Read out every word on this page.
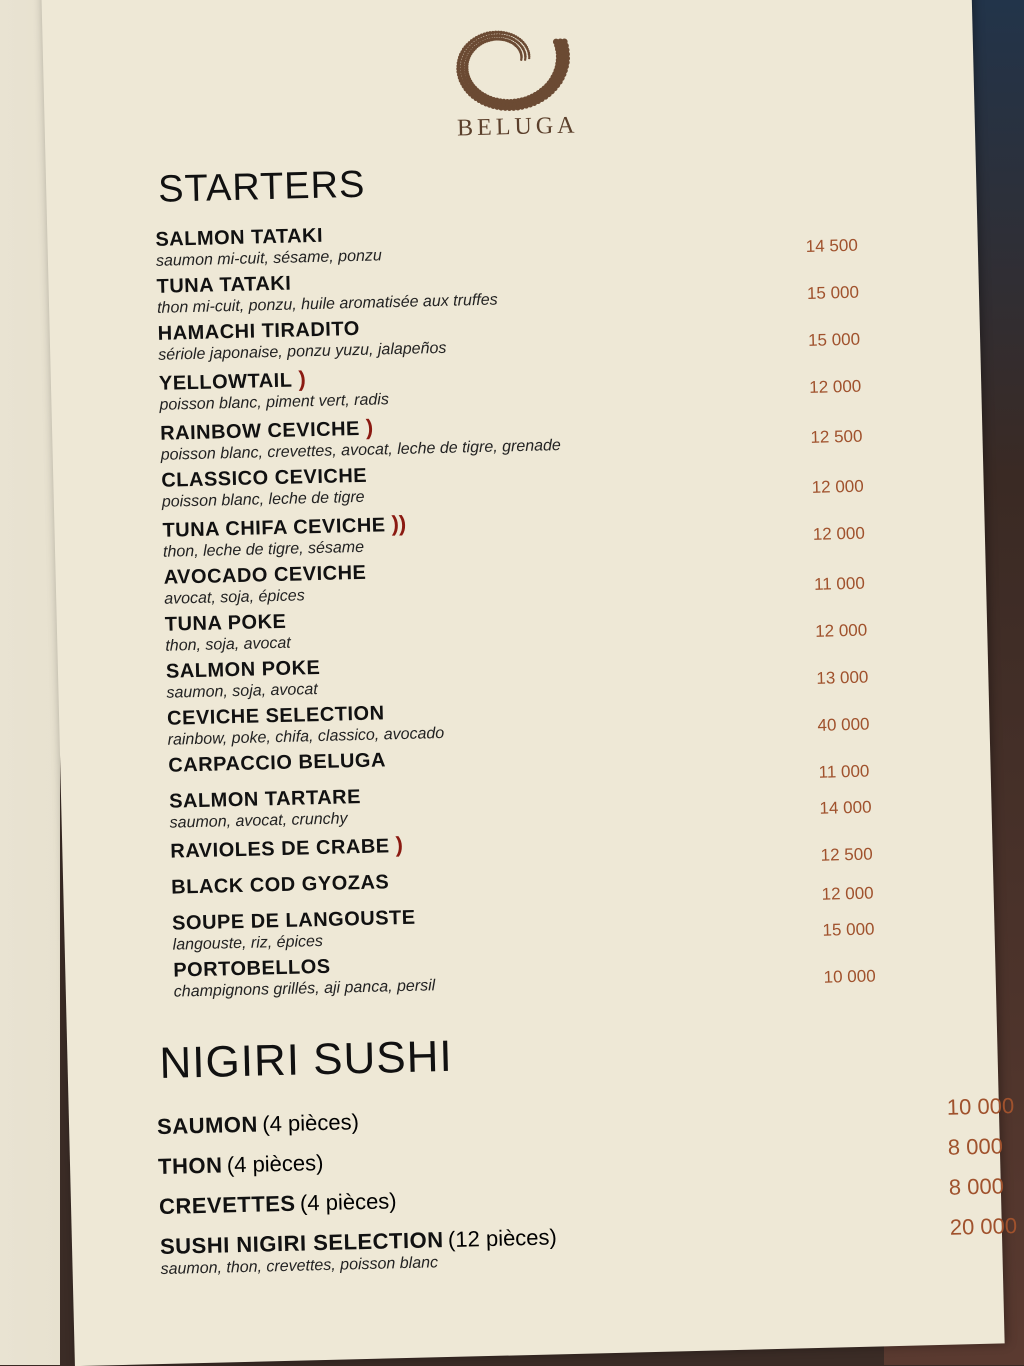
BELUGA
STARTERS
SALMON TATAKI
saumon mi-cuit, sésame, ponzu
14 500
TUNA TATAKI
thon mi-cuit, ponzu, huile aromatisée aux truffes	15 000
HAMACHI TIRADITO
sériole japonaise, ponzu yuzu, jalapeños	15 000
YELLOWTAIL )
poisson blanc, piment vert, radis
12 000
RAINBOW CEVICHE )
poisson blanc, crevettes, avocat, leche de tigre, grenade
12 500
CLASSICO CEVICHE
poisson blanc, leche de tigre
12 000
TUNA CHIFA CEVICHE ))
thon, leche de tigre, sésame
12 000
AVOCADO CEVICHE
avocat, soja, épices
11 000
TUNA POKE
thon, soja, avocat
12 000
SALMON POKE
saumon, soja, avocat
13 000
CEVICHE SELECTION
rainbow, poke, chifa, classico, avocado
40 000
CARPACCIO BELUGA	11 000
SALMON TARTARE
saumon, avocat, crunchy
14 000
RAVIOLES DE CRABE )	12 500
BLACK COD GYOZAS	12 000
SOUPE DE LANGOUSTE
langouste, riz, épices
15 000
PORTOBELLOS
champignons grillés, aji panca, persil
10 000
NIGIRI SUSHI
SAUMON (4 pièces)
10 000
THON (4 pièces)
8 000
CREVETTES (4 pièces)
8 000
SUSHI NIGIRI SELECTION (12 pièces)
saumon, thon, crevettes, poisson blanc
20 000
